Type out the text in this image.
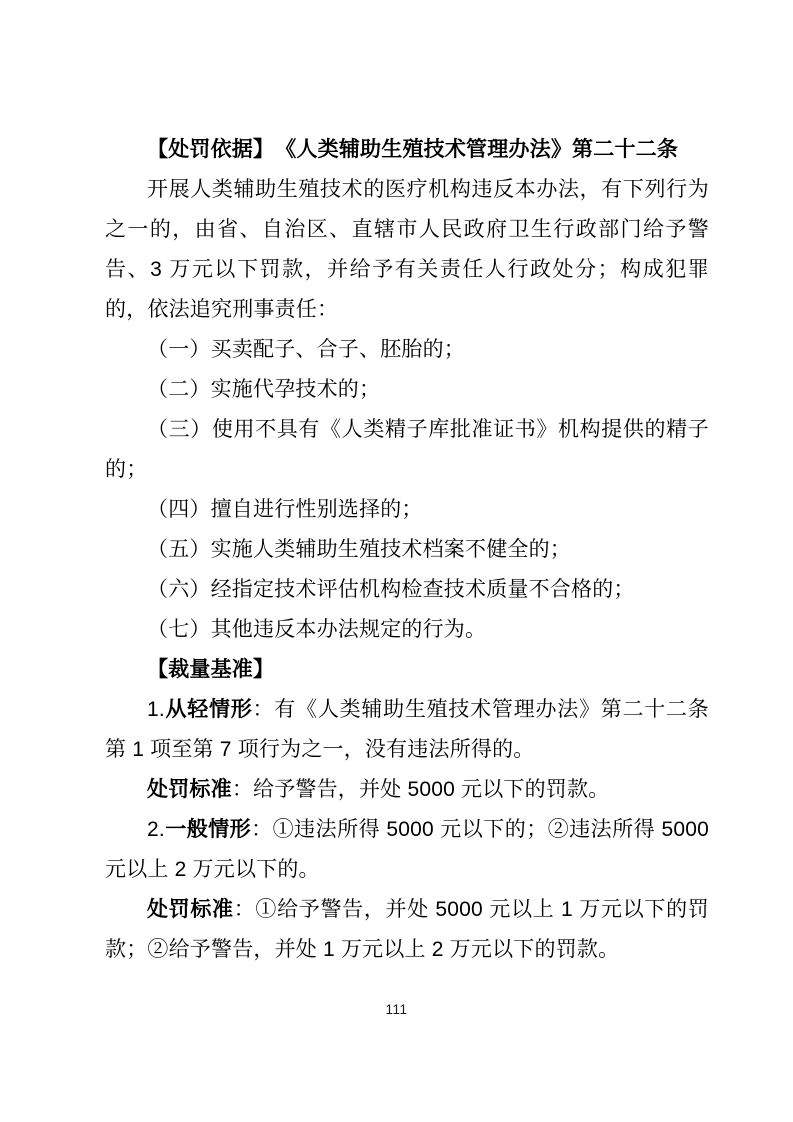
【处罚依据】 《人类辅助生殖技术管理办法》第二十二条

开展人类辅助生殖技术的医疗机构违反本办法，有下列行为之一的，由省、自治区、直辖市人民政府卫生行政部门给予警告、3 万元以下罚款，并给予有关责任人行政处分；构成犯罪的，依法追究刑事责任：

（一）买卖配子、合子、胚胎的；

（二）实施代孕技术的；

（三）使用不具有《人类精子库批准证书》机构提供的精子的；

（四）擅自进行性别选择的；

（五）实施人类辅助生殖技术档案不健全的；

（六）经指定技术评估机构检查技术质量不合格的；

（七）其他违反本办法规定的行为。

【裁量基准】

1.从轻情形：有《人类辅助生殖技术管理办法》第二十二条第 1 项至第 7 项行为之一，没有违法所得的。

处罚标准：给予警告，并处 5000 元以下的罚款。

2.一般情形：①违法所得 5000 元以下的；②违法所得 5000 元以上 2 万元以下的。

处罚标准：①给予警告，并处 5000 元以上 1 万元以下的罚款；②给予警告，并处 1 万元以上 2 万元以下的罚款。

111
